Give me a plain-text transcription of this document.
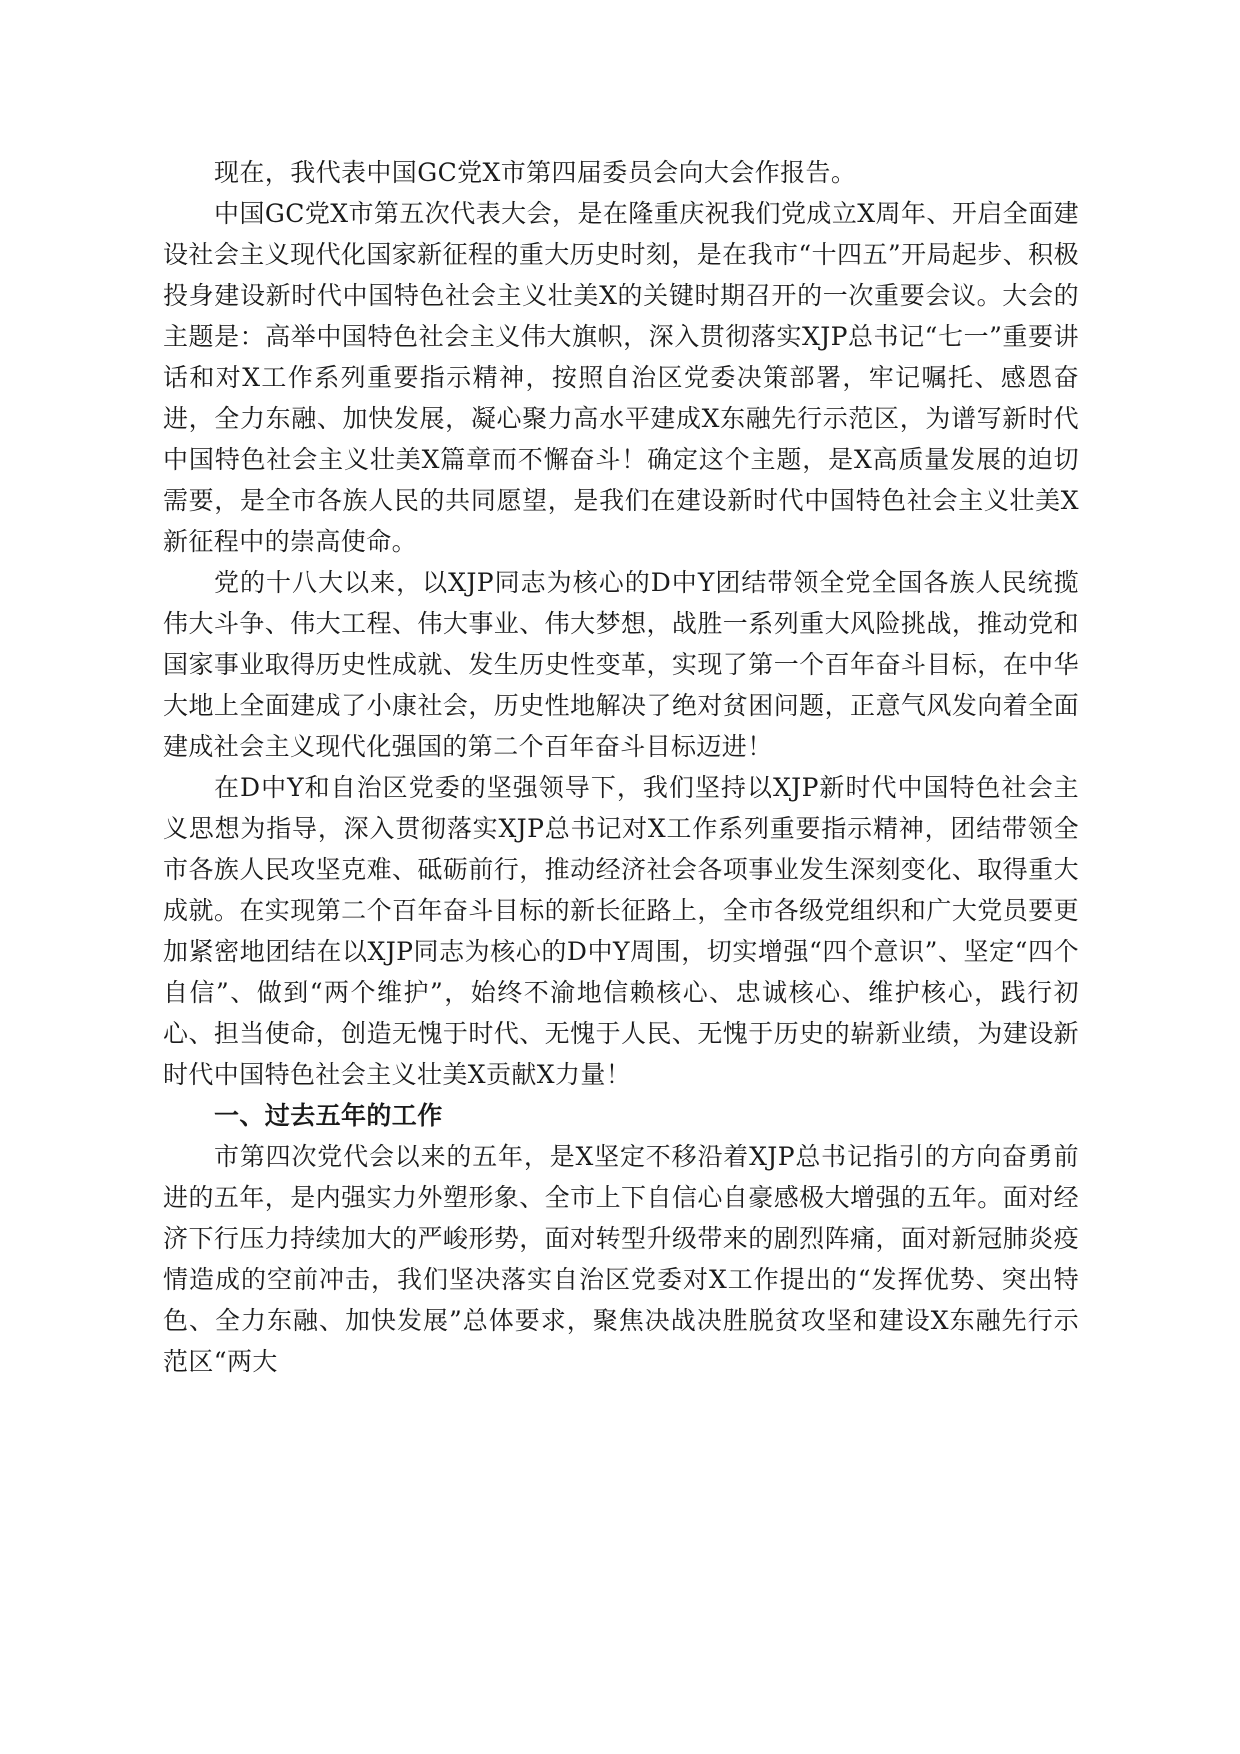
现在，我代表中国GC党X市第四届委员会向大会作报告。

中国GC党X市第五次代表大会，是在隆重庆祝我们党成立X周年、开启全面建设社会主义现代化国家新征程的重大历史时刻，是在我市“十四五”开局起步、积极投身建设新时代中国特色社会主义壮美X的关键时期召开的一次重要会议。大会的主题是：高举中国特色社会主义伟大旗帜，深入贯彻落实XJP总书记“七一”重要讲话和对X工作系列重要指示精神，按照自治区党委决策部署，牢记嘱托、感恩奋进，全力东融、加快发展，凝心聚力高水平建成X东融先行示范区，为谱写新时代中国特色社会主义壮美X篇章而不懈奋斗！确定这个主题，是X高质量发展的迫切需要，是全市各族人民的共同愿望，是我们在建设新时代中国特色社会主义壮美X新征程中的崇高使命。

党的十八大以来，以XJP同志为核心的D中Y团结带领全党全国各族人民统揽伟大斗争、伟大工程、伟大事业、伟大梦想，战胜一系列重大风险挑战，推动党和国家事业取得历史性成就、发生历史性变革，实现了第一个百年奋斗目标，在中华大地上全面建成了小康社会，历史性地解决了绝对贫困问题，正意气风发向着全面建成社会主义现代化强国的第二个百年奋斗目标迈进！

在D中Y和自治区党委的坚强领导下，我们坚持以XJP新时代中国特色社会主义思想为指导，深入贯彻落实XJP总书记对X工作系列重要指示精神，团结带领全市各族人民攻坚克难、砥砺前行，推动经济社会各项事业发生深刻变化、取得重大成就。在实现第二个百年奋斗目标的新长征路上，全市各级党组织和广大党员要更加紧密地团结在以XJP同志为核心的D中Y周围，切实增强“四个意识”、坚定“四个自信”、做到“两个维护”，始终不渝地信赖核心、忠诚核心、维护核心，践行初心、担当使命，创造无愧于时代、无愧于人民、无愧于历史的崭新业绩，为建设新时代中国特色社会主义壮美X贡献X力量！

一、过去五年的工作

市第四次党代会以来的五年，是X坚定不移沿着XJP总书记指引的方向奋勇前进的五年，是内强实力外塑形象、全市上下自信心自豪感极大增强的五年。面对经济下行压力持续加大的严峻形势，面对转型升级带来的剧烈阵痛，面对新冠肺炎疫情造成的空前冲击，我们坚决落实自治区党委对X工作提出的“发挥优势、突出特色、全力东融、加快发展”总体要求，聚焦决战决胜脱贫攻坚和建设X东融先行示范区“两大
